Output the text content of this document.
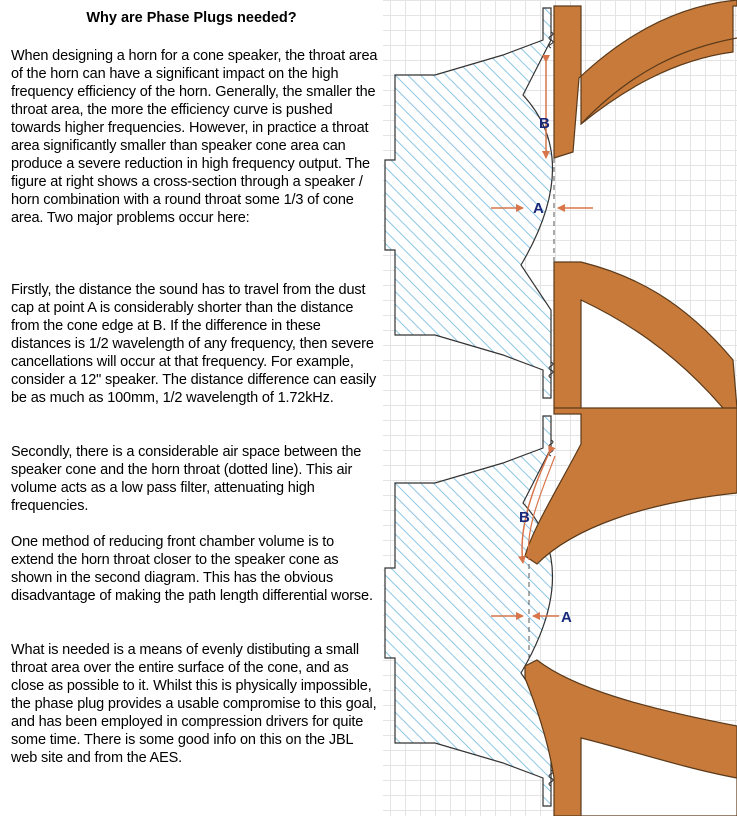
Why are Phase Plugs needed?

When designing a horn for a cone speaker, the throat area of the horn can have a significant impact on the high frequency efficiency of the horn. Generally, the smaller the throat area, the more the efficiency curve is pushed towards higher frequencies. However, in practice a throat area significantly smaller than speaker cone area can produce a severe reduction in high frequency output. The figure at right shows a cross-section through a speaker / horn combination with a round throat some 1/3 of cone area. Two major problems occur here:

Firstly, the distance the sound has to travel from the dust cap at point A is considerably shorter than the distance from the cone edge at B. If the difference in these distances is 1/2 wavelength of any frequency, then severe cancellations will occur at that frequency. For example, consider a 12" speaker. The distance difference can easily be as much as 100mm, 1/2 wavelength of 1.72kHz.

Secondly, there is a considerable air space between the speaker cone and the horn throat (dotted line). This air volume acts as a low pass filter, attenuating high frequencies.

One method of reducing front chamber volume is to extend the horn throat closer to the speaker cone as shown in the second diagram. This has the obvious disadvantage of making the path length differential worse.

What is needed is a means of evenly distibuting a small throat area over the entire surface of the cone, and as close as possible to it. Whilst this is physically impossible, the phase plug provides a usable compromise to this goal, and has been employed in compression drivers for quite some time. There is some good info on this on the JBL web site and from the AES.

B
A
B
A
